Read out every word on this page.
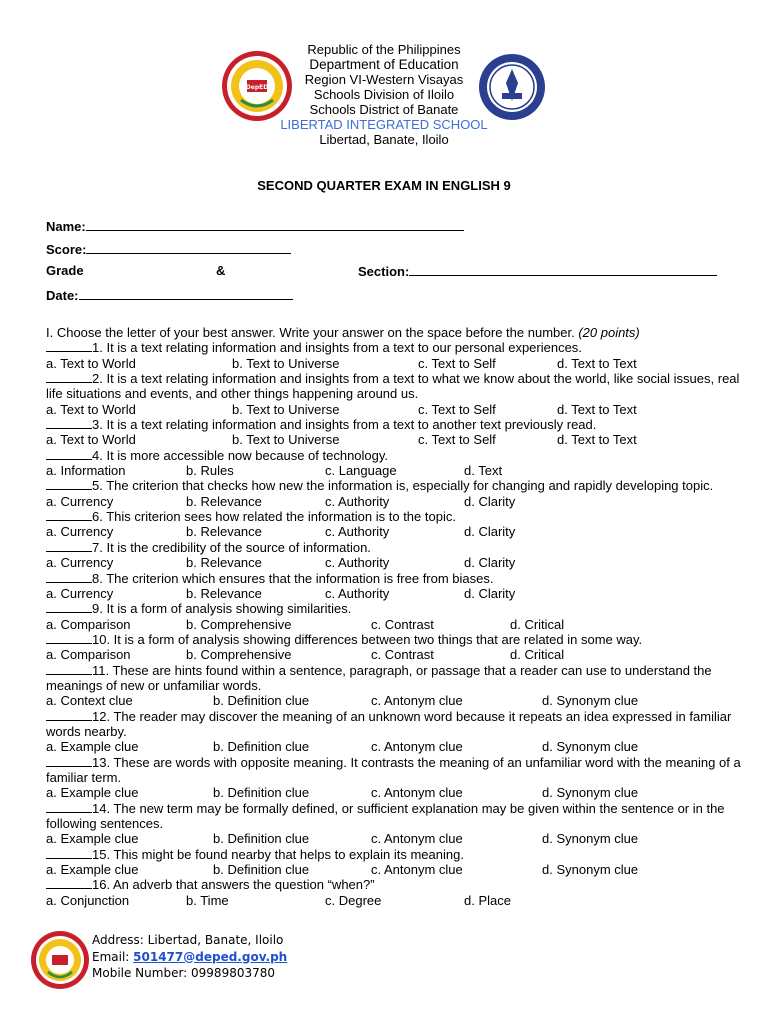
DepED
Republic of the Philippines
Department of Education
Region VI-Western Visayas
Schools Division of Iloilo
Schools District of Banate
LIBERTAD INTEGRATED SCHOOL
Libertad, Banate, Iloilo
SECOND QUARTER EXAM IN ENGLISH 9
Name:
Score:
Grade	&	Section:
Date:
I. Choose the letter of your best answer. Write your answer on the space before the number. (20 points)
1. It is a text relating information and insights from a text to our personal experiences.
a. Text to World	b. Text to Universe	c. Text to Self	d. Text to Text
2. It is a text relating information and insights from a text to what we know about the world, like social issues, real life situations and events, and other things happening around us.
a. Text to World	b. Text to Universe	c. Text to Self	d. Text to Text
3. It is a text relating information and insights from a text to another text previously read.
a. Text to World	b. Text to Universe	c. Text to Self	d. Text to Text
4. It is more accessible now because of technology.
a. Information	b. Rules	c. Language	d. Text
5. The criterion that checks how new the information is, especially for changing and rapidly developing topic.
a. Currency	b. Relevance	c. Authority	d. Clarity
6. This criterion sees how related the information is to the topic.
a. Currency	b. Relevance	c. Authority	d. Clarity
7. It is the credibility of the source of information.
a. Currency	b. Relevance	c. Authority	d. Clarity
8. The criterion which ensures that the information is free from biases.
a. Currency	b. Relevance	c. Authority	d. Clarity
9. It is a form of analysis showing similarities.
a. Comparison	b. Comprehensive	c. Contrast	d. Critical
10. It is a form of analysis showing differences between two things that are related in some way.
a. Comparison	b. Comprehensive	c. Contrast	d. Critical
11. These are hints found within a sentence, paragraph, or passage that a reader can use to understand the meanings of new or unfamiliar words.
a. Context clue	b. Definition clue	c. Antonym clue	d. Synonym clue
12. The reader may discover the meaning of an unknown word because it repeats an idea expressed in familiar words nearby.
a. Example clue	b. Definition clue	c. Antonym clue	d. Synonym clue
13. These are words with opposite meaning. It contrasts the meaning of an unfamiliar word with the meaning of a familiar term.
a. Example clue	b. Definition clue	c. Antonym clue	d. Synonym clue
14. The new term may be formally defined, or sufficient explanation may be given within the sentence or in the following sentences.
a. Example clue	b. Definition clue	c. Antonym clue	d. Synonym clue
15. This might be found nearby that helps to explain its meaning.
a. Example clue	b. Definition clue	c. Antonym clue	d. Synonym clue
16. An adverb that answers the question “when?”
a. Conjunction	b. Time	c. Degree	d. Place
Address: Libertad, Banate, Iloilo
Email: 501477@deped.gov.ph
Mobile Number: 09989803780
